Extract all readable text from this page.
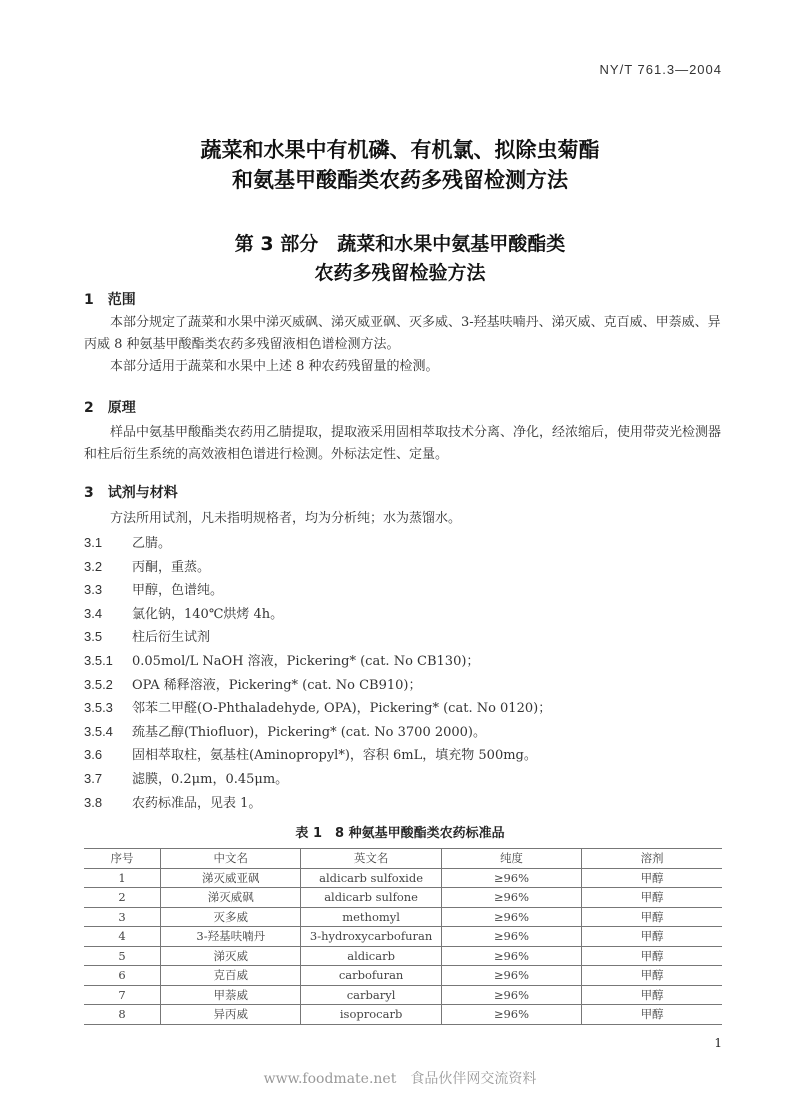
NY/T 761.3—2004
蔬菜和水果中有机磷、有机氯、拟除虫菊酯
和氨基甲酸酯类农药多残留检测方法
第 3 部分　蔬菜和水果中氨基甲酸酯类
农药多残留检验方法
1　范围
本部分规定了蔬菜和水果中涕灭威砜、涕灭威亚砜、灭多威、3-羟基呋喃丹、涕灭威、克百威、甲萘威、异丙威 8 种氨基甲酸酯类农药多残留液相色谱检测方法。
本部分适用于蔬菜和水果中上述 8 种农药残留量的检测。
2　原理
样品中氨基甲酸酯类农药用乙腈提取，提取液采用固相萃取技术分离、净化，经浓缩后，使用带荧光检测器和柱后衍生系统的高效液相色谱进行检测。外标法定性、定量。
3　试剂与材料
方法所用试剂，凡未指明规格者，均为分析纯；水为蒸馏水。
3.1 乙腈。
3.2 丙酮，重蒸。
3.3 甲醇，色谱纯。
3.4 氯化钠，140℃烘烤 4h。
3.5 柱后衍生试剂
3.5.1 0.05mol/L NaOH 溶液，Pickering* (cat. No CB130)；
3.5.2 OPA 稀释溶液，Pickering* (cat. No CB910)；
3.5.3 邻苯二甲醛(O-Phthaladehyde, OPA)，Pickering* (cat. No 0120)；
3.5.4 巯基乙醇(Thiofluor)，Pickering* (cat. No 3700 2000)。
3.6 固相萃取柱，氨基柱(Aminopropyl*)，容积 6mL，填充物 500mg。
3.7 滤膜，0.2μm，0.45μm。
3.8 农药标准品，见表 1。
表 1　8 种氨基甲酸酯类农药标准品
序号	中文名	英文名	纯度	溶剂
1	涕灭威亚砜	aldicarb sulfoxide	≥96%	甲醇
2	涕灭威砜	aldicarb sulfone	≥96%	甲醇
3	灭多威	methomyl	≥96%	甲醇
4	3-羟基呋喃丹	3-hydroxycarbofuran	≥96%	甲醇
5	涕灭威	aldicarb	≥96%	甲醇
6	克百威	carbofuran	≥96%	甲醇
7	甲萘威	carbaryl	≥96%	甲醇
8	异丙威	isoprocarb	≥96%	甲醇
1
www.foodmate.net　食品伙伴网交流资料
